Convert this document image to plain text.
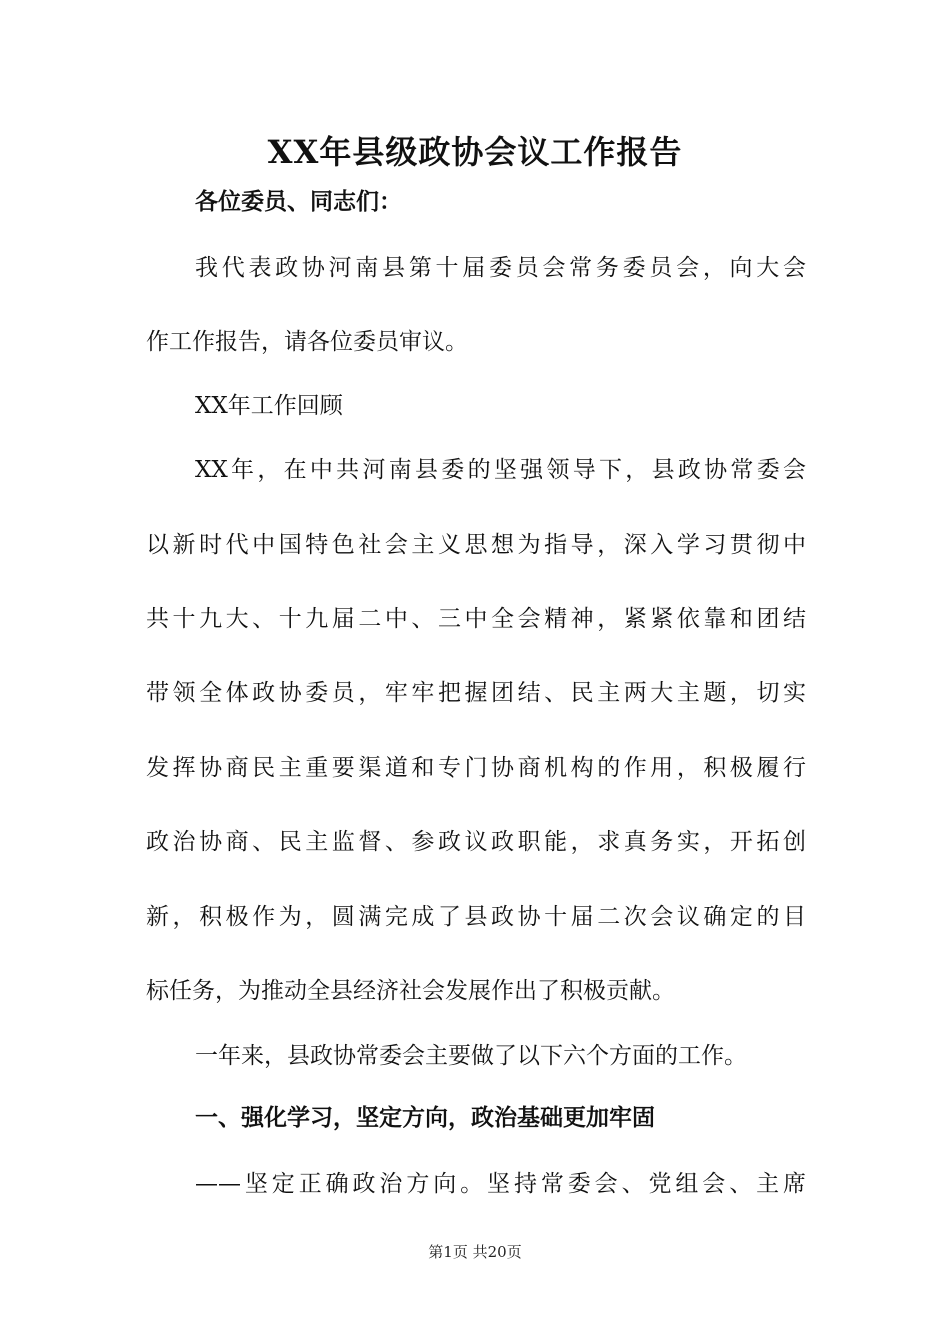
XX年县级政协会议工作报告
各位委员、同志们：
我代表政协河南县第十届委员会常务委员会，向大会
作工作报告，请各位委员审议。
XX年工作回顾
XX年，在中共河南县委的坚强领导下，县政协常委会
以新时代中国特色社会主义思想为指导，深入学习贯彻中
共十九大、十九届二中、三中全会精神，紧紧依靠和团结
带领全体政协委员，牢牢把握团结、民主两大主题，切实
发挥协商民主重要渠道和专门协商机构的作用，积极履行
政治协商、民主监督、参政议政职能，求真务实，开拓创
新，积极作为，圆满完成了县政协十届二次会议确定的目
标任务，为推动全县经济社会发展作出了积极贡献。
一年来，县政协常委会主要做了以下六个方面的工作。
一、强化学习，坚定方向，政治基础更加牢固
——坚定正确政治方向。坚持常委会、党组会、主席
第1页 共20页
